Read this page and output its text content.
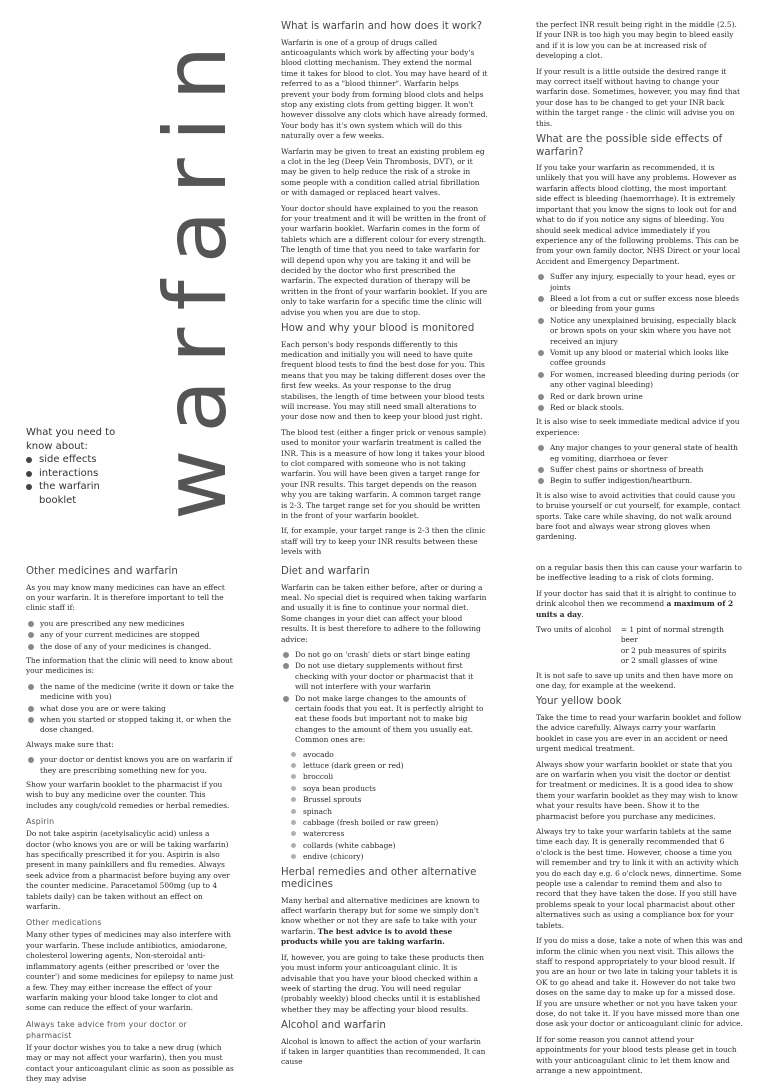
warfarin
What you need to know about:
side effects
interactions
the warfarin booklet
What is warfarin and how does it work?

Warfarin is one of a group of drugs called anticoagulants which work by affecting your body's blood clotting mechanism. They extend the normal time it takes for blood to clot. You may have heard of it referred to as a "blood thinner". Warfarin helps prevent your body from forming blood clots and helps stop any existing clots from getting bigger. It won't however dissolve any clots which have already formed. Your body has it's own system which will do this naturally over a few weeks.

Warfarin may be given to treat an existing problem eg a clot in the leg (Deep Vein Thrombosis, DVT), or it may be given to help reduce the risk of a stroke in some people with a condition called atrial fibrillation or with damaged or replaced heart valves.

Your doctor should have explained to you the reason for your treatment and it will be written in the front of your warfarin booklet. Warfarin comes in the form of tablets which are a different colour for every strength. The length of time that you need to take warfarin for will depend upon why you are taking it and will be decided by the doctor who first prescribed the warfarin. The expected duration of therapy will be written in the front of your warfarin booklet. If you are only to take warfarin for a specific time the clinic will advise you when you are due to stop.

How and why your blood is monitored

Each person's body responds differently to this medication and initially you will need to have quite frequent blood tests to find the best dose for you. This means that you may be taking different doses over the first few weeks. As your response to the drug stabilises, the length of time between your blood tests will increase. You may still need small alterations to your dose now and then to keep your blood just right.

The blood test (either a finger prick or venous sample) used to monitor your warfarin treatment is called the INR. This is a measure of how long it takes your blood to clot compared with someone who is not taking warfarin. You will have been given a target range for your INR results. This target depends on the reason why you are taking warfarin. A common target range is 2-3. The target range set for you should be written in the front of your warfarin booklet.

If, for example, your target range is 2-3 then the clinic staff will try to keep your INR results between these levels with

the perfect INR result being right in the middle (2.5). If your INR is too high you may begin to bleed easily and if it is low you can be at increased risk of developing a clot.

If your result is a little outside the desired range it may correct itself without having to change your warfarin dose. Sometimes, however, you may find that your dose has to be changed to get your INR back within the target range - the clinic will advise you on this.

What are the possible side effects of warfarin?

If you take your warfarin as recommended, it is unlikely that you will have any problems. However as warfarin affects blood clotting, the most important side effect is bleeding (haemorrhage). It is extremely important that you know the signs to look out for and what to do if you notice any signs of bleeding. You should seek medical advice immediately if you experience any of the following problems. This can be from your own family doctor, NHS Direct or your local Accident and Emergency Department.

Suffer any injury, especially to your head, eyes or joints
Bleed a lot from a cut or suffer excess nose bleeds or bleeding from your gums
Notice any unexplained bruising, especially black or brown spots on your skin where you have not received an injury
Vomit up any blood or material which looks like coffee grounds
For women, increased bleeding during periods (or any other vaginal bleeding)
Red or dark brown urine
Red or black stools.

It is also wise to seek immediate medical advice if you experience:

Any major changes to your general state of health eg vomiting, diarrhoea or fever
Suffer chest pains or shortness of breath
Begin to suffer indigestion/heartburn.

It is also wise to avoid activities that could cause you to bruise yourself or cut yourself, for example, contact sports. Take care while shaving, do not walk around bare foot and always wear strong gloves when gardening.

Other medicines and warfarin

As you may know many medicines can have an effect on your warfarin. It is therefore important to tell the clinic staff if:

you are prescribed any new medicines
any of your current medicines are stopped
the dose of any of your medicines is changed.

The information that the clinic will need to know about your medicines is:

the name of the medicine (write it down or take the medicine with you)
what dose you are or were taking
when you started or stopped taking it, or when the dose changed.

Always make sure that:

your doctor or dentist knows you are on warfarin if they are prescribing something new for you.

Show your warfarin booklet to the pharmacist if you wish to buy any medicine over the counter. This includes any cough/cold remedies or herbal remedies.

Aspirin

Do not take aspirin (acetylsalicylic acid) unless a doctor (who knows you are or will be taking warfarin) has specifically prescribed it for you. Aspirin is also present in many painkillers and flu remedies. Always seek advice from a pharmacist before buying any over the counter medicine. Paracetamol 500mg (up to 4 tablets daily) can be taken without an effect on warfarin.

Other medications

Many other types of medicines may also interfere with your warfarin. These include antibiotics, amiodarone, cholesterol lowering agents, Non-steroidal anti-inflammatory agents (either prescribed or 'over the counter') and some medicines for epilepsy to name just a few. They may either increase the effect of your warfarin making your blood take longer to clot and some can reduce the effect of your warfarin.

Always take advice from your doctor or pharmacist

If your doctor wishes you to take a new drug (which may or may not affect your warfarin), then you must contact your anticoagulant clinic as soon as possible as they may advise

Diet and warfarin

Warfarin can be taken either before, after or during a meal. No special diet is required when taking warfarin and usually it is fine to continue your normal diet. Some changes in your diet can affect your blood results. It is best therefore to adhere to the following advice:

Do not go on 'crash' diets or start binge eating
Do not use dietary supplements without first checking with your doctor or pharmacist that it will not interfere with your warfarin
Do not make large changes to the amounts of certain foods that you eat. It is perfectly alright to eat these foods but important not to make big changes to the amount of them you usually eat. Common ones are:
avocado
lettuce (dark green or red)
broccoli
soya bean products
Brussel sprouts
spinach
cabbage (fresh boiled or raw green)
watercress
collards (white cabbage)
endive (chicory)
Herbal remedies and other alternative medicines

Many herbal and alternative medicines are known to affect warfarin therapy but for some we simply don't know whether or not they are safe to take with your warfarin. The best advice is to avoid these products while you are taking warfarin.

If, however, you are going to take these products then you must inform your anticoagulant clinic. It is advisable that you have your blood checked within a week of starting the drug. You will need regular (probably weekly) blood checks until it is established whether they may be affecting your blood results.

Alcohol and warfarin

Alcohol is known to affect the action of your warfarin if taken in larger quantities than recommended. It can cause

on a regular basis then this can cause your warfarin to be ineffective leading to a risk of clots forming.

If your doctor has said that it is alright to continue to drink alcohol then we recommend a maximum of 2 units a day.

Two units of alcohol	= 1 pint of normal strength beer
or 2 pub measures of spirits
or 2 small glasses of wine

It is not safe to save up units and then have more on one day, for example at the weekend.

Your yellow book

Take the time to read your warfarin booklet and follow the advice carefully. Always carry your warfarin booklet in case you are ever in an accident or need urgent medical treatment.

Always show your warfarin booklet or state that you are on warfarin when you visit the doctor or dentist for treatment or medicines. It is a good idea to show them your warfarin booklet as they may wish to know what your results have been. Show it to the pharmacist before you purchase any medicines.

Always try to take your warfarin tablets at the same time each day. It is generally recommended that 6 o'clock is the best time. However, choose a time you will remember and try to link it with an activity which you do each day e.g. 6 o'clock news, dinnertime. Some people use a calendar to remind them and also to record that they have taken the dose. If you still have problems speak to your local pharmacist about other alternatives such as using a compliance box for your tablets.

If you do miss a dose, take a note of when this was and inform the clinic when you next visit. This allows the staff to respond appropriately to your blood result. If you are an hour or two late in taking your tablets it is OK to go ahead and take it. However do not take two doses on the same day to make up for a missed dose. If you are unsure whether or not you have taken your dose, do not take it. If you have missed more than one dose ask your doctor or anticoagulant clinic for advice.

If for some reason you cannot attend your appointments for your blood tests please get in touch with your anticoagulant clinic to let them know and arrange a new appointment.
